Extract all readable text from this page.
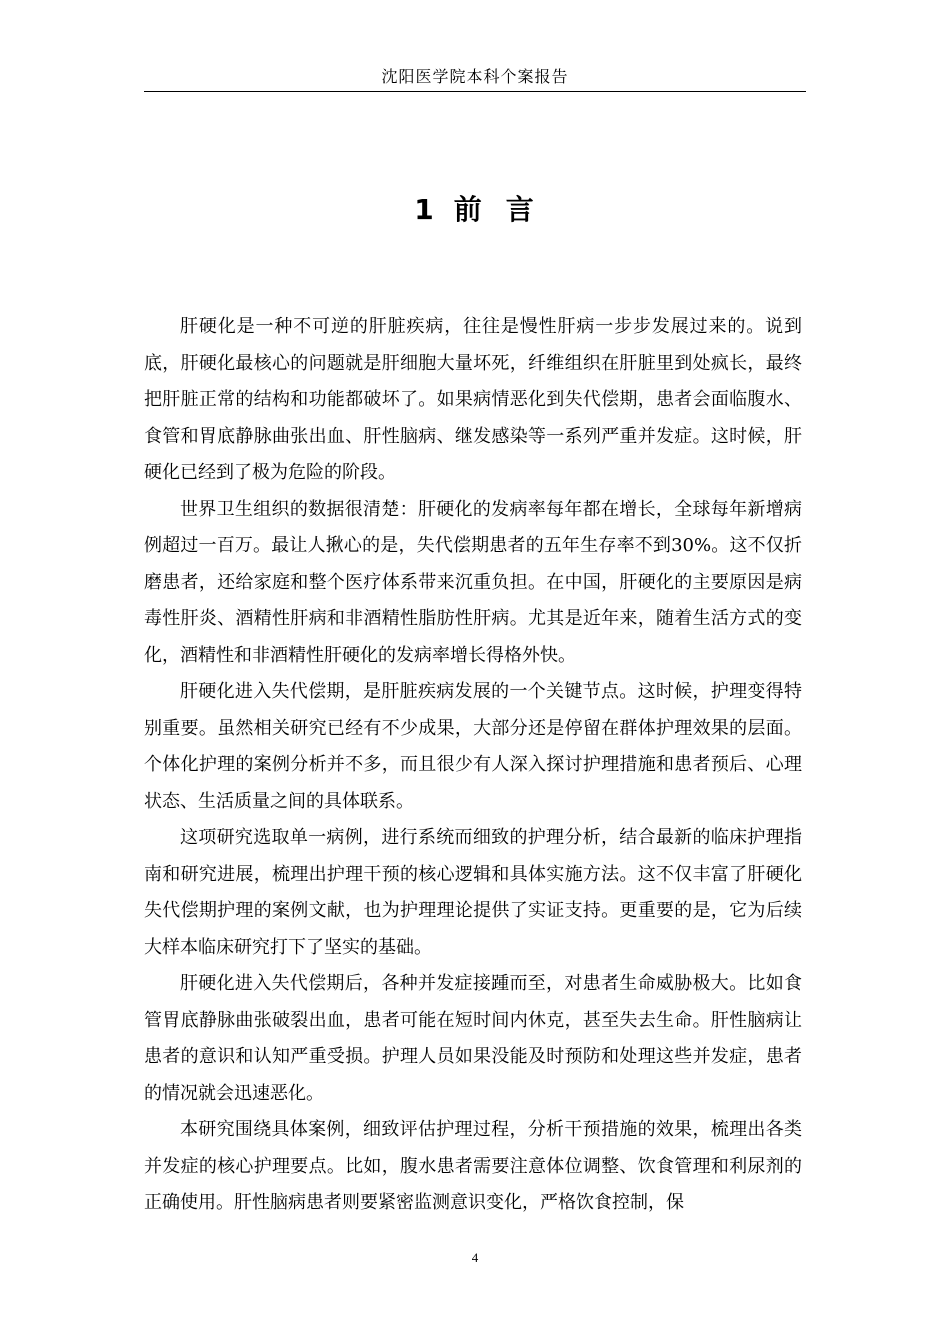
沈阳医学院本科个案报告
1 前 言

肝硬化是一种不可逆的肝脏疾病，往往是慢性肝病一步步发展过来的。说到底，肝硬化最核心的问题就是肝细胞大量坏死，纤维组织在肝脏里到处疯长，最终把肝脏正常的结构和功能都破坏了。如果病情恶化到失代偿期，患者会面临腹水、食管和胃底静脉曲张出血、肝性脑病、继发感染等一系列严重并发症。这时候，肝硬化已经到了极为危险的阶段。

世界卫生组织的数据很清楚：肝硬化的发病率每年都在增长，全球每年新增病例超过一百万。最让人揪心的是，失代偿期患者的五年生存率不到30%。这不仅折磨患者，还给家庭和整个医疗体系带来沉重负担。在中国，肝硬化的主要原因是病毒性肝炎、酒精性肝病和非酒精性脂肪性肝病。尤其是近年来，随着生活方式的变化，酒精性和非酒精性肝硬化的发病率增长得格外快。

肝硬化进入失代偿期，是肝脏疾病发展的一个关键节点。这时候，护理变得特别重要。虽然相关研究已经有不少成果，大部分还是停留在群体护理效果的层面。个体化护理的案例分析并不多，而且很少有人深入探讨护理措施和患者预后、心理状态、生活质量之间的具体联系。

这项研究选取单一病例，进行系统而细致的护理分析，结合最新的临床护理指南和研究进展，梳理出护理干预的核心逻辑和具体实施方法。这不仅丰富了肝硬化失代偿期护理的案例文献，也为护理理论提供了实证支持。更重要的是，它为后续大样本临床研究打下了坚实的基础。

肝硬化进入失代偿期后，各种并发症接踵而至，对患者生命威胁极大。比如食管胃底静脉曲张破裂出血，患者可能在短时间内休克，甚至失去生命。肝性脑病让患者的意识和认知严重受损。护理人员如果没能及时预防和处理这些并发症，患者的情况就会迅速恶化。

本研究围绕具体案例，细致评估护理过程，分析干预措施的效果，梳理出各类并发症的核心护理要点。比如，腹水患者需要注意体位调整、饮食管理和利尿剂的正确使用。肝性脑病患者则要紧密监测意识变化，严格饮食控制，保

4
